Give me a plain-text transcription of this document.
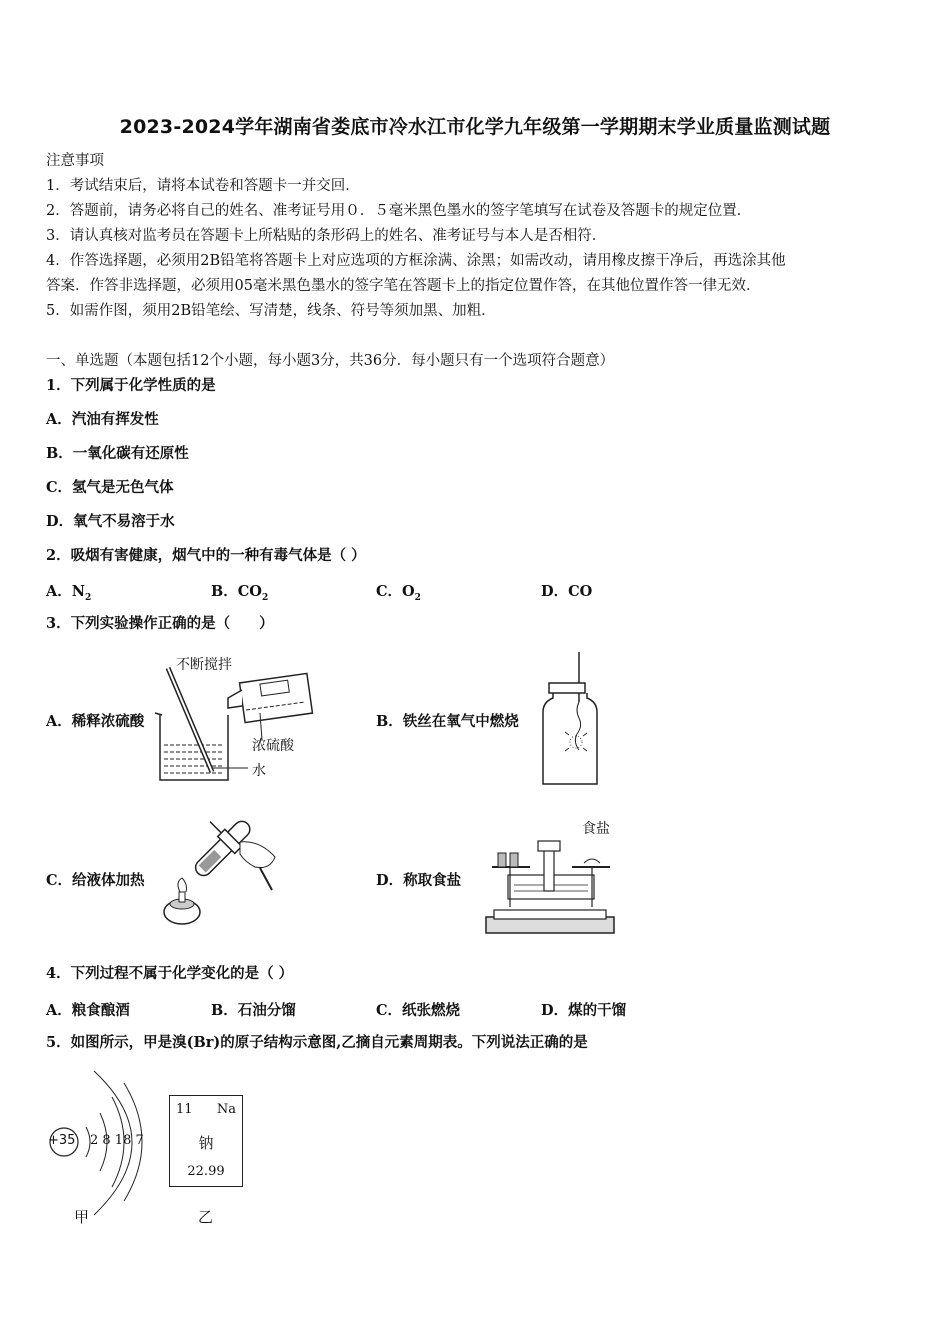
2023-2024学年湖南省娄底市冷水江市化学九年级第一学期期末学业质量监测试题
注意事项
1．考试结束后，请将本试卷和答题卡一并交回．
2．答题前，请务必将自己的姓名、准考证号用０．５毫米黑色墨水的签字笔填写在试卷及答题卡的规定位置．
3．请认真核对监考员在答题卡上所粘贴的条形码上的姓名、准考证号与本人是否相符．
4．作答选择题，必须用2B铅笔将答题卡上对应选项的方框涂满、涂黑；如需改动，请用橡皮擦干净后，再选涂其他
答案．作答非选择题，必须用05毫米黑色墨水的签字笔在答题卡上的指定位置作答，在其他位置作答一律无效．
5．如需作图，须用2B铅笔绘、写清楚，线条、符号等须加黑、加粗．
一、单选题（本题包括12个小题，每小题3分，共36分．每小题只有一个选项符合题意）
1．下列属于化学性质的是
A．汽油有挥发性
B．一氧化碳有还原性
C．氢气是无色气体
D．氧气不易溶于水
2．吸烟有害健康，烟气中的一种有毒气体是（ ）
A．$N_2$	B．$CO_2$	C．$O_2$	D．CO
3．下列实验操作正确的是（　　）
A．稀释浓硫酸	B．铁丝在氧气中燃烧
C．给液体加热	D．称取食盐
不断搅拌
浓硫酸
水
食盐
4．下列过程不属于化学变化的是（ ）
A．粮食酿酒	B．石油分馏	C．纸张燃烧	D．煤的干馏
5．如图所示，甲是溴(Br)的原子结构示意图,乙摘自元素周期表。下列说法正确的是
+35 2 8 18 7
甲
11 Na
钠
22.99
乙
